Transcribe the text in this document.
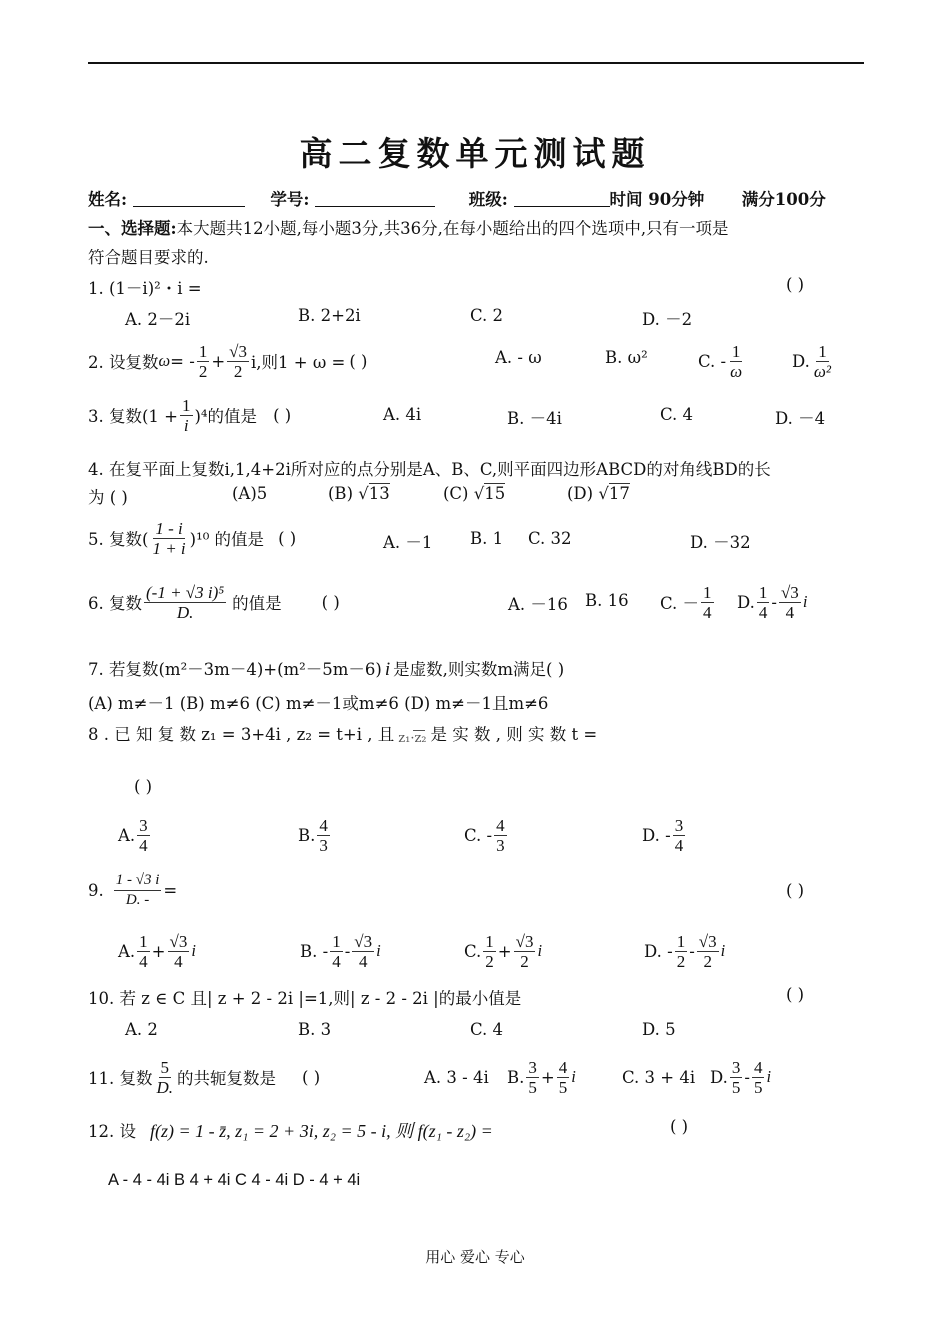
高二复数单元测试题
姓名:	学号:	班级:	时间 90分钟 满分100分
一、选择题:本大题共12小题,每小题3分,共36分,在每小题给出的四个选项中,只有一项是
符合题目要求的.
1. (1－i)²・i =	( )
A. 2－2i	B. 2+2i	C. 2	D. －2
2. 设复数 ω = - $\frac{1}{2} + \frac{√3}{2} i$,则1 + ω = ( )	A. - ω	B. ω²	C. - $\frac{1}{\omega}$	D. $\frac{1}{\text{ω²}}$
3. 复数$(1 + \frac{1}{i} )^4$的值是 ( )	A. 4i	B. －4i	C. 4	D. －4
4. 在复平面上复数i,1,4+2i所对应的点分别是A、B、C,则平面四边形ABCD的对角线BD的长
为 ( )	(A)5	(B) √13	(C) √15	(D) √17
5. 复数( $\frac{1 - i}{1 + i} )^{10}$ 的值是 ( )	A. －1 B. 1 C. 32	D. －32
6. 复数 $\frac{\text{(-1 + √3 i)⁵}}{D.}$ 的值是 ( )	A. －16 B. 16 C. － $\frac{1}{4} D$. $\frac{1}{4} - \frac{√3}{4}$ i
7. 若复数(m²－3m－4)+(m²－5m－6) i 是虚数,则实数m满足( )
(A) m≠－1 (B) m≠6 (C) m≠－1或m≠6 (D) m≠－1且m≠6
8 . 已 知 复 数 z₁ = 3+4i , z₂ = t+i , 且 z₁·z₂ 是 实 数 , 则 实 数 t =
( )
A. $\frac{3}{4}$	B. $\frac{4}{3}$	C. - $\frac{4}{3}$	D. - $\frac{3}{4}$
9. $\frac{1 - √3 i}{D. -}$ =	( )
A. $\frac{1}{4} + \frac{√3}{4}$ i	B. - $\frac{1}{4} - \frac{√3}{4}$ i	C. $\frac{1}{2} + \frac{√3}{2}$ i	D. - $\frac{1}{2} - \frac{√3}{2}$ i
10. 若 z ∈ C 且| z + 2 - 2i |=1,则| z - 2 - 2i |的最小值是	( )
A. 2	B. 3	C. 4	D. 5
11. 复数 $\frac{5}{D.}$ 的共轭复数是 ( )	A. 3 - 4i B. $\frac{3}{5} + \frac{4}{5}$ i	C. 3 + 4i D. $\frac{3}{5} - \frac{4}{5}$ i
12. 设 f(z) = 1 - z̄, z₁ = 2 + 3i, z₂ = 5 - i, 则 f(z₁ - z₂) =	( )
A - 4 - 4i B 4 + 4i C 4 - 4i D - 4 + 4i
用心 爱心 专心
